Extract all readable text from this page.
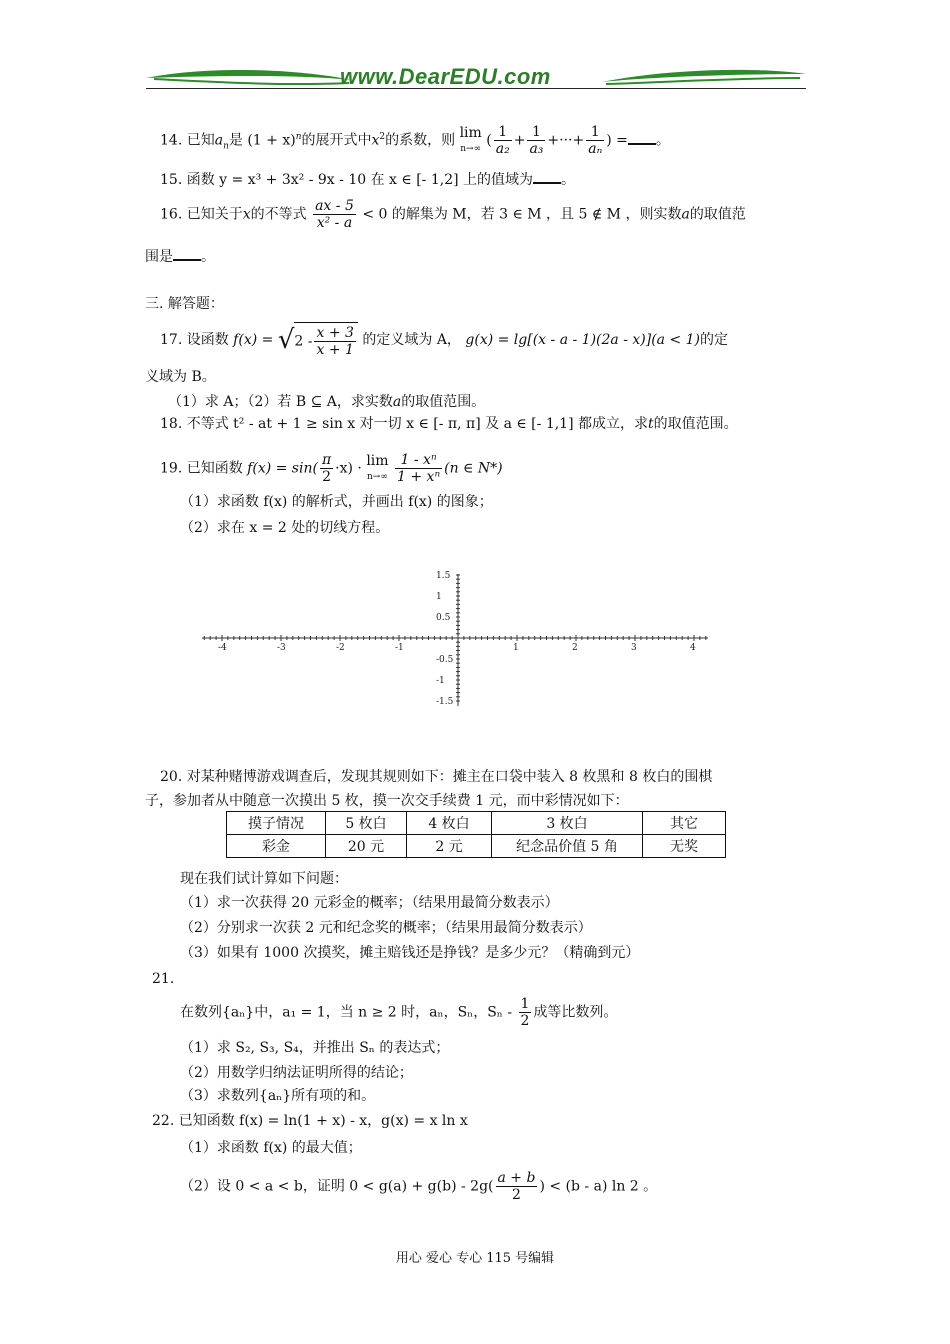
www.DearEDU.com
14. 已知$a_n$是 $(1 + x)^n$的展开式中$x^2$的系数，则 lim
n→∞ ( $\frac{1}{\text{a₂}} + \frac{1}{\text{a₃}}$ +···+ $\frac{1}{\text{aₙ}}$ ) = 。
15. 函数 y = x³ + 3x² - 9x - 10 在 x ∈ [- 1,2] 上的值域为 。
16. 已知关于x的不等式 $\frac{ax - 5}{\text{x² - a}} < 0$ 的解集为 M，若 3 ∈ M ，且 5 ∉ M ，则实数a的取值范
围是 。
三. 解答题：
17. 设函数 $f(x) = √2 - \frac{x + 3}{x + 1}$ 的定义域为 A， g(x) = lg[(x - a - 1)(2a - x)](a < 1)的定
义域为 B。
（1）求 A；（2）若 B ⊆ A，求实数a的取值范围。
18. 不等式 t² - at + 1 ≥ sin x 对一切 x ∈ [- π, π] 及 a ∈ [- 1,1] 都成立，求t的取值范围。
19. 已知函数 $f(x) = \sin( \frac{\pi}{2} \cdot x) \cdot \lim$
$n\to\infty \frac{\text{1 - xⁿ}}{\text{1 + xⁿ}} (n$ ∈ N*)
（1）求函数 f(x) 的解析式，并画出 f(x) 的图象；
（2）求在 x = 2 处的切线方程。
-4	-3	-2	-1	1	2	3	4
1.5
1
0.5
-0.5
-1
-1.5
20. 对某种赌博游戏调查后，发现其规则如下：摊主在口袋中装入 8 枚黑和 8 枚白的围棋
子，参加者从中随意一次摸出 5 枚，摸一次交手续费 1 元，而中彩情况如下：
摸子情况	5 枚白	4 枚白	3 枚白	其它
彩金	20 元	2 元	纪念品价值 5 角	无奖
现在我们试计算如下问题：
（1）求一次获得 20 元彩金的概率；（结果用最简分数表示）
（2）分别求一次获 2 元和纪念奖的概率；（结果用最简分数表示）
（3）如果有 1000 次摸奖，摊主赔钱还是挣钱？是多少元？（精确到元）
21.
在数列{aₙ}中，a₁ = 1，当 n ≥ 2 时，aₙ，Sₙ，Sₙ - $\frac{1}{2}$ 成等比数列。
（1）求 S₂, S₃, S₄，并推出 Sₙ 的表达式；
（2）用数学归纳法证明所得的结论；
（3）求数列{aₙ}所有项的和。
22. 已知函数 f(x) = ln(1 + x) - x，g(x) = x ln x
（1）求函数 f(x) 的最大值；
（2）设 0 < a < b，证明 $0 < g(a) + g(b) - 2g( \frac{a + b}{2}$ ) < (b - a) ln 2 。
用心 爱心 专心 115 号编辑
